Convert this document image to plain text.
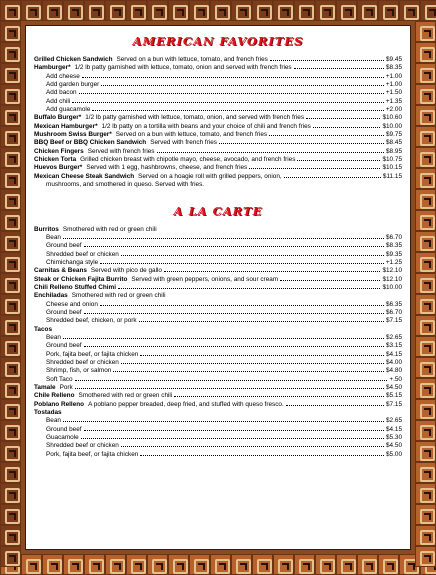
AMERICAN FAVORITES
Grilled Chicken Sandwich Served on a bun with lettuce, tomato, and french fries	$9.45
Hamburger* 1/2 lb patty garnished with lettuce, tomato, onion and served with french fries	$8.35
Add cheese	+1.00
Add garden burger	+1.00
Add bacon	+1.50
Add chili	+1.35
Add guacamole	+2.00
Buffalo Burger* 1/2 lb patty garnished with lettuce, tomato, onion, and served with french fries	$10.60
Mexican Hamburger* 1/2 lb patty on a tortilla with beans and your choice of chili and french fries	$10.00
Mushroom Swiss Burger* Served on a bun with lettuce, tomato, and french fries	$9.75
BBQ Beef or BBQ Chicken Sandwich Served with french fries	$8.45
Chicken Fingers Served with french fries	$8.95
Chicken Torta Grilled chicken breast with chipotle mayo, cheese, avocado, and french fries	$10.75
Huevos Burger* Served with 1 egg, hashbrowns, cheese, and french fries	$10.15
Mexican Cheese Steak Sandwich Served on a hoagie roll with grilled peppers, onion,	$11.15
mushrooms, and smothered in queso. Served with fries.
A LA CARTE
Burritos Smothered with red or green chili
Bean	$6.70
Ground beef	$8.35
Shredded beef or chicken	$9.35
Chimichanga style	+1.25
Carnitas & Beans Served with pico de gallo	$12.10
Steak or Chicken Fajita Burrito Served with green peppers, onions, and sour cream	$12.10
Chili Relleno Stuffed Chimi	$10.00
Enchiladas Smothered with red or green chili
Cheese and onion	$6.35
Ground beef	$6.70
Shredded beef, chicken, or pork	$7.15
Tacos
Bean	$2.65
Ground beef	$3.15
Pork, fajita beef, or fajita chicken	$4.15
Shredded beef or chicken	$4.00
Shrimp, fish, or salmon	$4.80
Soft Taco	+.50
Tamale Pork	$4.50
Chile Relleno Smothered with red or green chili	$5.15
Poblano Relleno A poblano pepper breaded, deep fried, and stuffed with queso fresco.	$7.15
Tostadas
Bean	$2.65
Ground beef	$4.15
Guacamole	$5.30
Shredded beef or chicken	$4.50
Pork, fajita beef, or fajita chicken	$5.00
